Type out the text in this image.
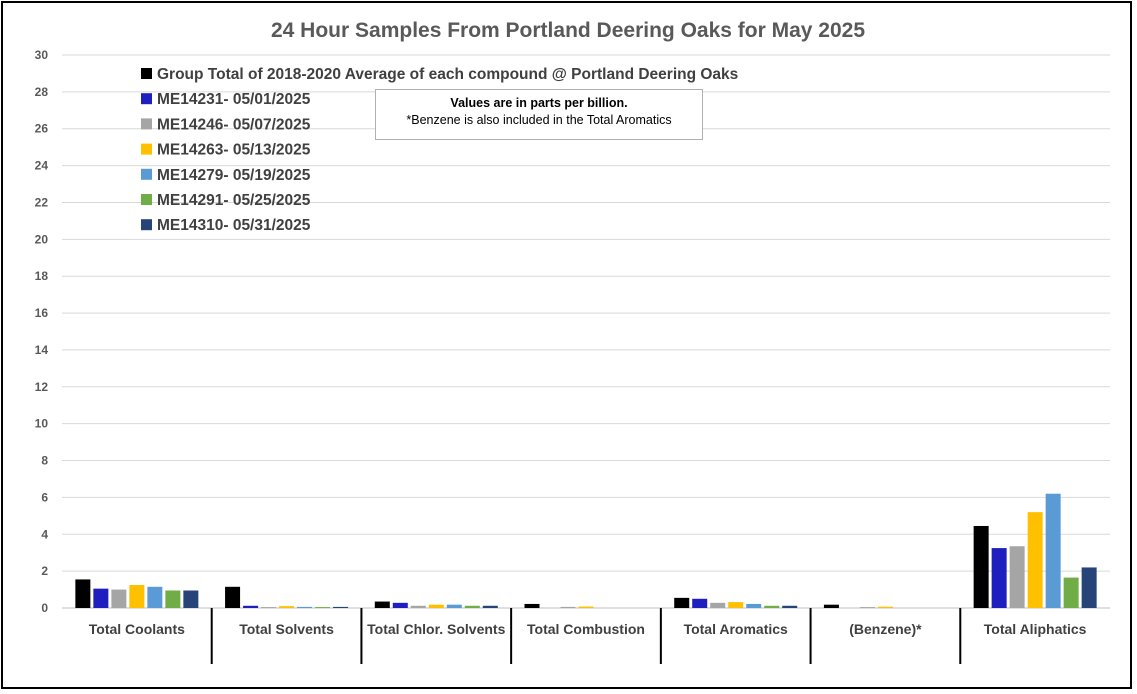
24 Hour Samples From Portland Deering Oaks for May 2025
0
2
4
6
8
10
12
14
16
18
20
22
24
26
28
30
Total Coolants	Total Solvents Total Chlor. Solvents Total Combustion	Total Aromatics	(Benzene)*	Total Aliphatics
Group Total of 2018-2020 Average of each compound @ Portland Deering Oaks
ME14231- 05/01/2025
ME14246- 05/07/2025
ME14263- 05/13/2025
ME14279- 05/19/2025
ME14291- 05/25/2025
ME14310- 05/31/2025
Values are in parts per billion.
*Benzene is also included in the Total Aromatics
